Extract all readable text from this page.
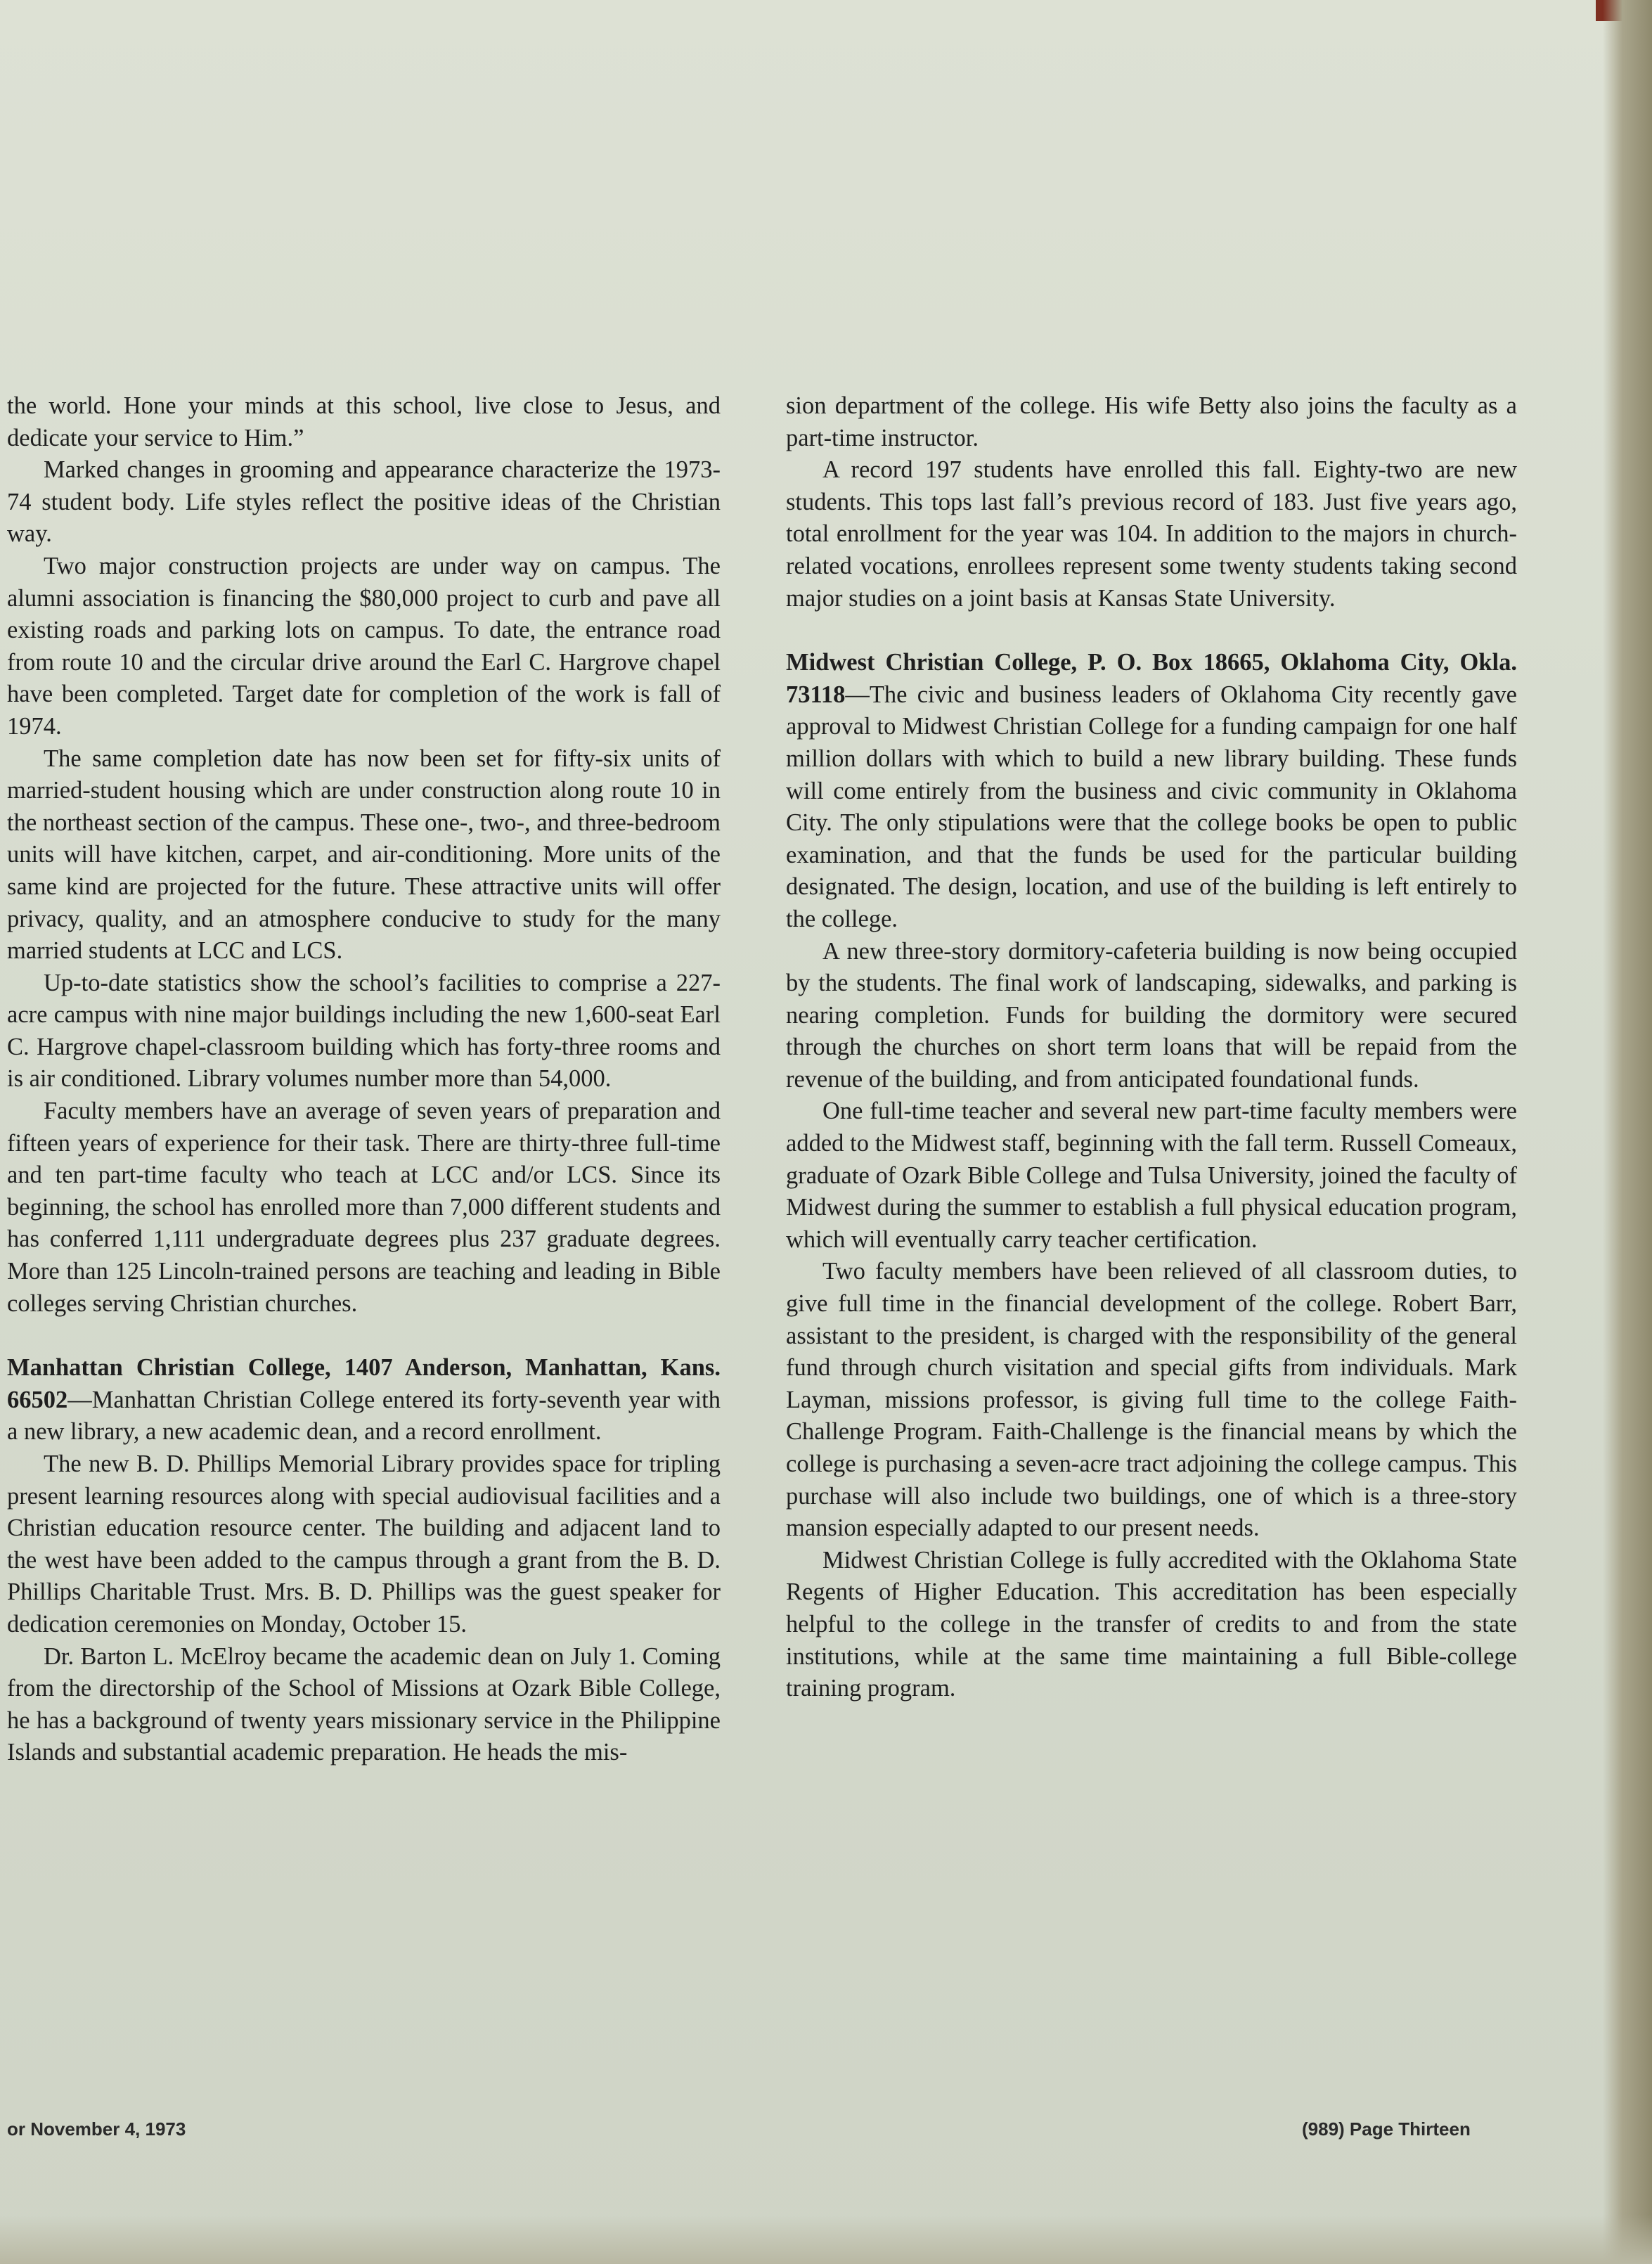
the world. Hone your minds at this school, live close to Jesus, and dedicate your service to Him.”

Marked changes in grooming and appearance characterize the 1973-74 student body. Life styles reflect the positive ideas of the Christian way.

Two major construction projects are under way on campus. The alumni association is financing the $80,000 project to curb and pave all existing roads and parking lots on campus. To date, the entrance road from route 10 and the circular drive around the Earl C. Hargrove chapel have been completed. Target date for completion of the work is fall of 1974.

The same completion date has now been set for fifty-six units of married-student housing which are under construction along route 10 in the northeast section of the campus. These one-, two-, and three-bedroom units will have kitchen, carpet, and air-conditioning. More units of the same kind are projected for the future. These attractive units will offer privacy, quality, and an atmosphere conducive to study for the many married students at LCC and LCS.

Up-to-date statistics show the school’s facilities to comprise a 227-acre campus with nine major buildings including the new 1,600-seat Earl C. Hargrove chapel-classroom building which has forty-three rooms and is air conditioned. Library volumes number more than 54,000.

Faculty members have an average of seven years of preparation and fifteen years of experience for their task. There are thirty-three full-time and ten part-time faculty who teach at LCC and/or LCS. Since its beginning, the school has enrolled more than 7,000 different students and has conferred 1,111 undergraduate degrees plus 237 graduate degrees. More than 125 Lincoln-trained persons are teaching and leading in Bible colleges serving Christian churches.

Manhattan Christian College, 1407 Anderson, Manhattan, Kans. 66502—Manhattan Christian College entered its forty-seventh year with a new library, a new academic dean, and a record enrollment.

The new B. D. Phillips Memorial Library provides space for tripling present learning resources along with special audiovisual facilities and a Christian education resource center. The building and adjacent land to the west have been added to the campus through a grant from the B. D. Phillips Charitable Trust. Mrs. B. D. Phillips was the guest speaker for dedication ceremonies on Monday, October 15.

Dr. Barton L. McElroy became the academic dean on July 1. Coming from the directorship of the School of Missions at Ozark Bible College, he has a background of twenty years missionary service in the Philippine Islands and substantial academic preparation. He heads the mis-

sion department of the college. His wife Betty also joins the faculty as a part-time instructor.

A record 197 students have enrolled this fall. Eighty-two are new students. This tops last fall’s previous record of 183. Just five years ago, total enrollment for the year was 104. In addition to the majors in church-related vocations, enrollees represent some twenty students taking second major studies on a joint basis at Kansas State University.

Midwest Christian College, P. O. Box 18665, Oklahoma City, Okla. 73118—The civic and business leaders of Oklahoma City recently gave approval to Midwest Christian College for a funding campaign for one half million dollars with which to build a new library building. These funds will come entirely from the business and civic community in Oklahoma City. The only stipulations were that the college books be open to public examination, and that the funds be used for the particular building designated. The design, location, and use of the building is left entirely to the college.

A new three-story dormitory-cafeteria building is now being occupied by the students. The final work of landscaping, sidewalks, and parking is nearing completion. Funds for building the dormitory were secured through the churches on short term loans that will be repaid from the revenue of the building, and from anticipated foundational funds.

One full-time teacher and several new part-time faculty members were added to the Midwest staff, beginning with the fall term. Russell Comeaux, graduate of Ozark Bible College and Tulsa University, joined the faculty of Midwest during the summer to establish a full physical education program, which will eventually carry teacher certification.

Two faculty members have been relieved of all classroom duties, to give full time in the financial development of the college. Robert Barr, assistant to the president, is charged with the responsibility of the general fund through church visitation and special gifts from individuals. Mark Layman, missions professor, is giving full time to the college Faith-Challenge Program. Faith-Challenge is the financial means by which the college is purchasing a seven-acre tract adjoining the college campus. This purchase will also include two buildings, one of which is a three-story mansion especially adapted to our present needs.

Midwest Christian College is fully accredited with the Oklahoma State Regents of Higher Education. This accreditation has been especially helpful to the college in the transfer of credits to and from the state institutions, while at the same time maintaining a full Bible-college training program.

or November 4, 1973	(989) Page Thirteen
